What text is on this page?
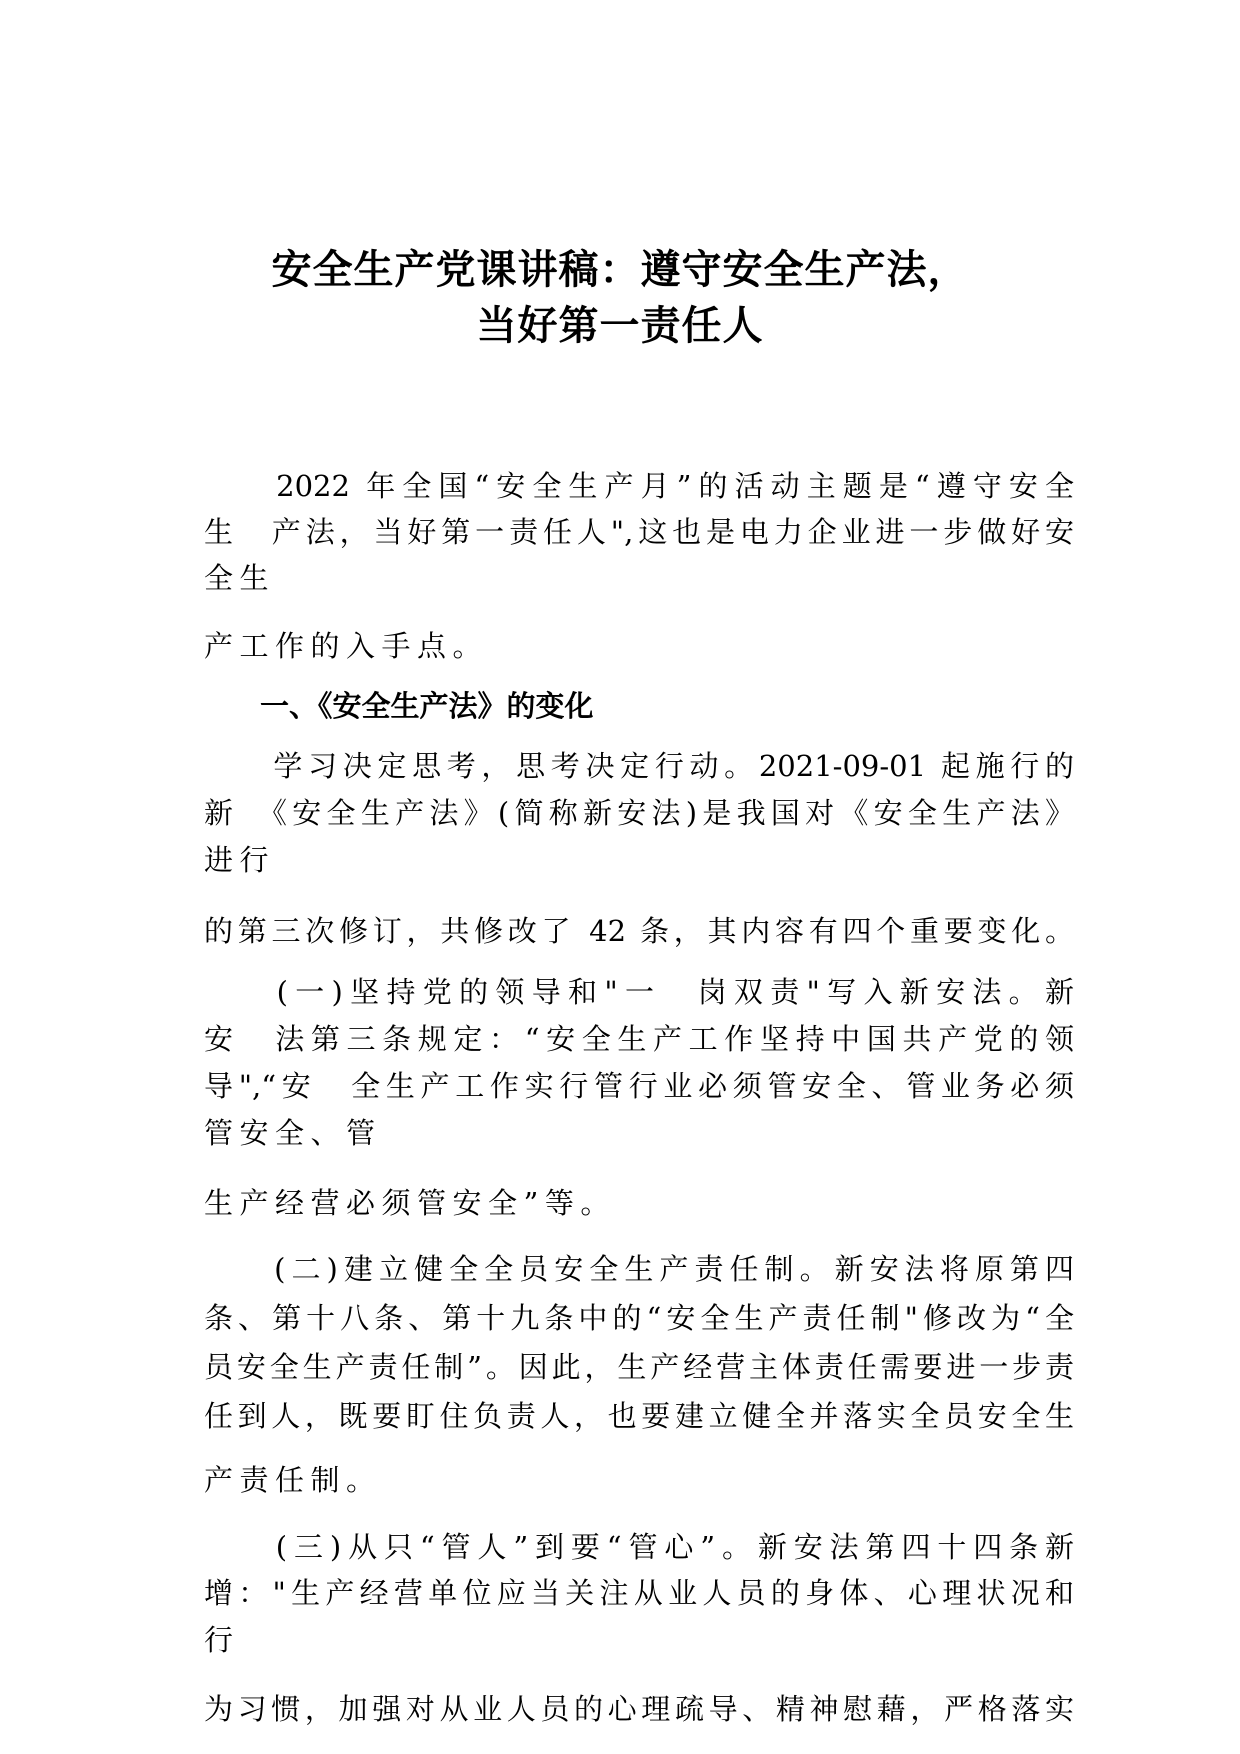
安全生产党课讲稿：遵守安全生产法，
当好第一责任人
　　2022 年全国“安全生产月”的活动主题是“遵守安全
生　产法，当好第一责任人",这也是电力企业进一步做好安
全生
产工作的入手点。
一、《安全生产法》的变化
　　学习决定思考，思考决定行动。2021-09-01 起施行的
新　《安全生产法》(简称新安法)是我国对《安全生产法》
进行
的第三次修订，共修改了 42 条，其内容有四个重要变化。
　　(一)坚持党的领导和"一　岗双责"写入新安法。新
安　法第三条规定：“安全生产工作坚持中国共产党的领
导",“安　全生产工作实行管行业必须管安全、管业务必须
管安全、管
生产经营必须管安全”等。
　　(二)建立健全全员安全生产责任制。新安法将原第四
条、第十八条、第十九条中的“安全生产责任制"修改为“全
员安全生产责任制”。因此，生产经营主体责任需要进一步责
任到人，既要盯住负责人，也要建立健全并落实全员安全生
产责任制。
　　(三)从只“管人”到要“管心”。新安法第四十四条新
增："生产经营单位应当关注从业人员的身体、心理状况和
行
为习惯，加强对从业人员的心理疏导、精神慰藉，严格落实
